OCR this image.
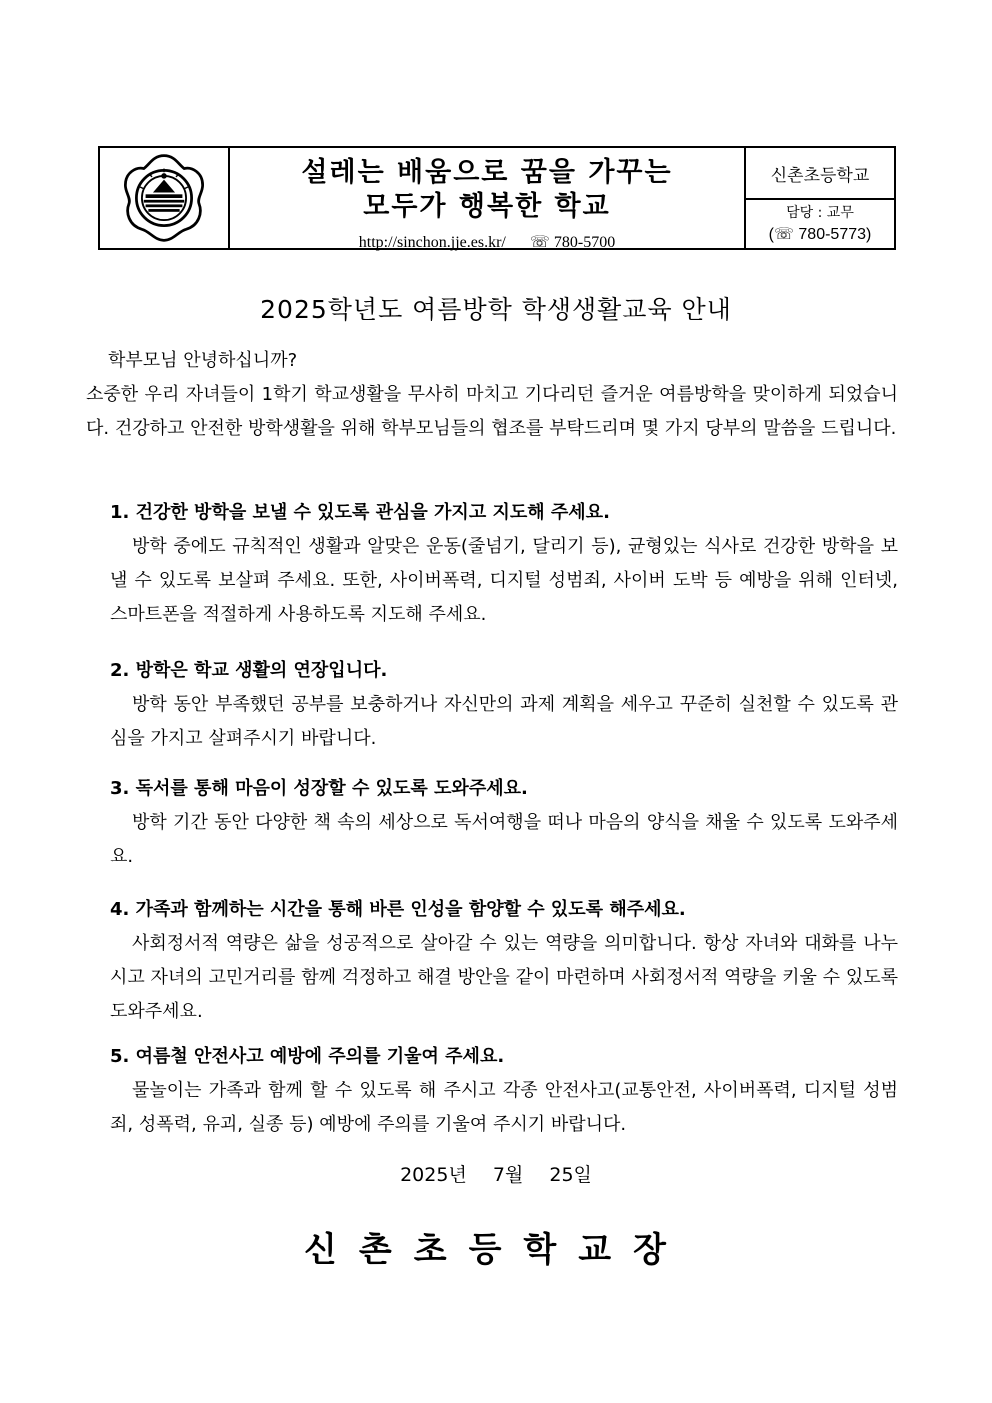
설레는 배움으로 꿈을 가꾸는
모두가 행복한 학교
http://sinchon.jje.es.kr/ ☏ 780-5700
신촌초등학교
담당 : 교무
(☏ 780-5773)
2025학년도 여름방학 학생생활교육 안내
학부모님 안녕하십니까?
소중한 우리 자녀들이 1학기 학교생활을 무사히 마치고 기다리던 즐거운 여름방학을 맞이하게 되었습니다. 건강하고 안전한 방학생활을 위해 학부모님들의 협조를 부탁드리며 몇 가지 당부의 말씀을 드립니다.
1. 건강한 방학을 보낼 수 있도록 관심을 가지고 지도해 주세요.
방학 중에도 규칙적인 생활과 알맞은 운동(줄넘기, 달리기 등), 균형있는 식사로 건강한 방학을 보낼 수 있도록 보살펴 주세요. 또한, 사이버폭력, 디지털 성범죄, 사이버 도박 등 예방을 위해 인터넷, 스마트폰을 적절하게 사용하도록 지도해 주세요.
2. 방학은 학교 생활의 연장입니다.
방학 동안 부족했던 공부를 보충하거나 자신만의 과제 계획을 세우고 꾸준히 실천할 수 있도록 관심을 가지고 살펴주시기 바랍니다.
3. 독서를 통해 마음이 성장할 수 있도록 도와주세요.
방학 기간 동안 다양한 책 속의 세상으로 독서여행을 떠나 마음의 양식을 채울 수 있도록 도와주세요.
4. 가족과 함께하는 시간을 통해 바른 인성을 함양할 수 있도록 해주세요.
사회정서적 역량은 삶을 성공적으로 살아갈 수 있는 역량을 의미합니다. 항상 자녀와 대화를 나누시고 자녀의 고민거리를 함께 걱정하고 해결 방안을 같이 마련하며 사회정서적 역량을 키울 수 있도록 도와주세요.
5. 여름철 안전사고 예방에 주의를 기울여 주세요.
물놀이는 가족과 함께 할 수 있도록 해 주시고 각종 안전사고(교통안전, 사이버폭력, 디지털 성범죄, 성폭력, 유괴, 실종 등) 예방에 주의를 기울여 주시기 바랍니다.
2025년 7월 25일
신촌초등학교장
